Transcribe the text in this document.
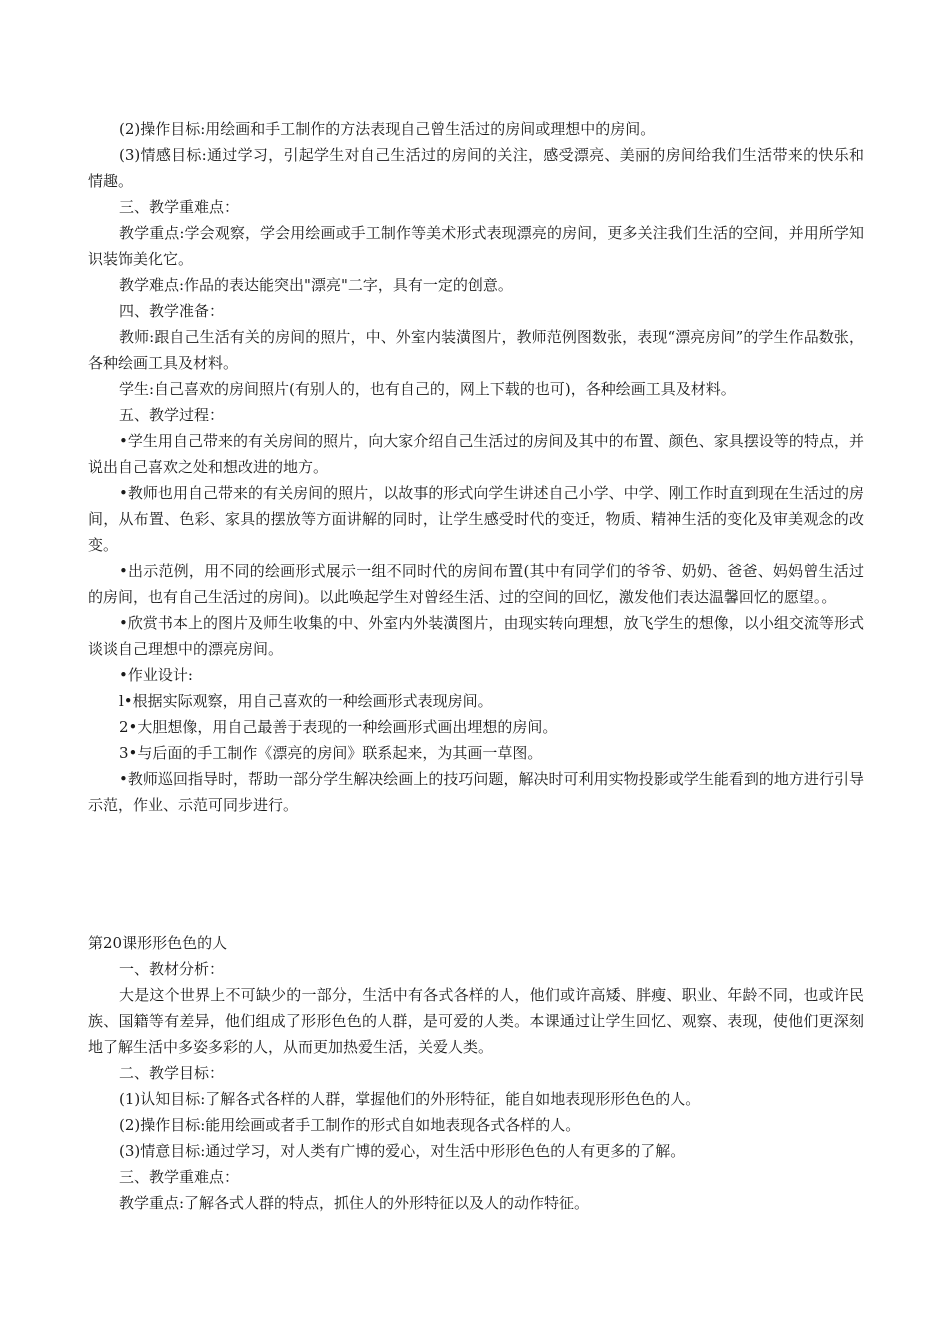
(2)操作目标:用绘画和手工制作的方法表现自己曾生活过的房间或理想中的房间。

(3)情感目标:通过学习，引起学生对自己生活过的房间的关注，感受漂亮、美丽的房间给我们生活带来的快乐和情趣。

三、教学重难点：

教学重点:学会观察，学会用绘画或手工制作等美术形式表现漂亮的房间，更多关注我们生活的空间，并用所学知识装饰美化它。

教学难点:作品的表达能突出"漂亮"二字，具有一定的创意。

四、教学准备：

教师:跟自己生活有关的房间的照片，中、外室内装潢图片，教师范例图数张，表现“漂亮房间”的学生作品数张，各种绘画工具及材料。

学生:自己喜欢的房间照片(有别人的，也有自己的，网上下载的也可)，各种绘画工具及材料。

五、教学过程：

•学生用自己带来的有关房间的照片，向大家介绍自己生活过的房间及其中的布置、颜色、家具摆设等的特点，并说出自己喜欢之处和想改进的地方。

•教师也用自己带来的有关房间的照片，以故事的形式向学生讲述自己小学、中学、刚工作时直到现在生活过的房间，从布置、色彩、家具的摆放等方面讲解的同时，让学生感受时代的变迁，物质、精神生活的变化及审美观念的改变。

•出示范例，用不同的绘画形式展示一组不同时代的房间布置(其中有同学们的爷爷、奶奶、爸爸、妈妈曾生活过的房间，也有自己生活过的房间)。以此唤起学生对曾经生活、过的空间的回忆，激发他们表达温馨回忆的愿望。。

•欣赏书本上的图片及师生收集的中、外室内外装潢图片，由现实转向理想，放飞学生的想像，以小组交流等形式谈谈自己理想中的漂亮房间。

•作业设计:

l•根据实际观察，用自己喜欢的一种绘画形式表现房间。

2•大胆想像，用自己最善于表现的一种绘画形式画出埋想的房间。

3•与后面的手工制作《漂亮的房间》联系起来，为其画一草图。

•教师巡回指导时，帮助一部分学生解决绘画上的技巧问题，解决时可利用实物投影或学生能看到的地方进行引导示范，作业、示范可同步进行。

第20课形形色色的人

一、教材分析：

大是这个世界上不可缺少的一部分，生活中有各式各样的人，他们或许高矮、胖瘦、职业、年龄不同，也或许民族、国籍等有差异，他们组成了形形色色的人群，是可爱的人类。本课通过让学生回忆、观察、表现，使他们更深刻地了解生活中多姿多彩的人，从而更加热爱生活，关爱人类。

二、教学目标：

(1)认知目标:了解各式各样的人群，掌握他们的外形特征，能自如地表现形形色色的人。

(2)操作目标:能用绘画或者手工制作的形式自如地表现各式各样的人。

(3)情意目标:通过学习，对人类有广博的爱心，对生活中形形色色的人有更多的了解。

三、教学重难点：

教学重点:了解各式人群的特点，抓住人的外形特征以及人的动作特征。
